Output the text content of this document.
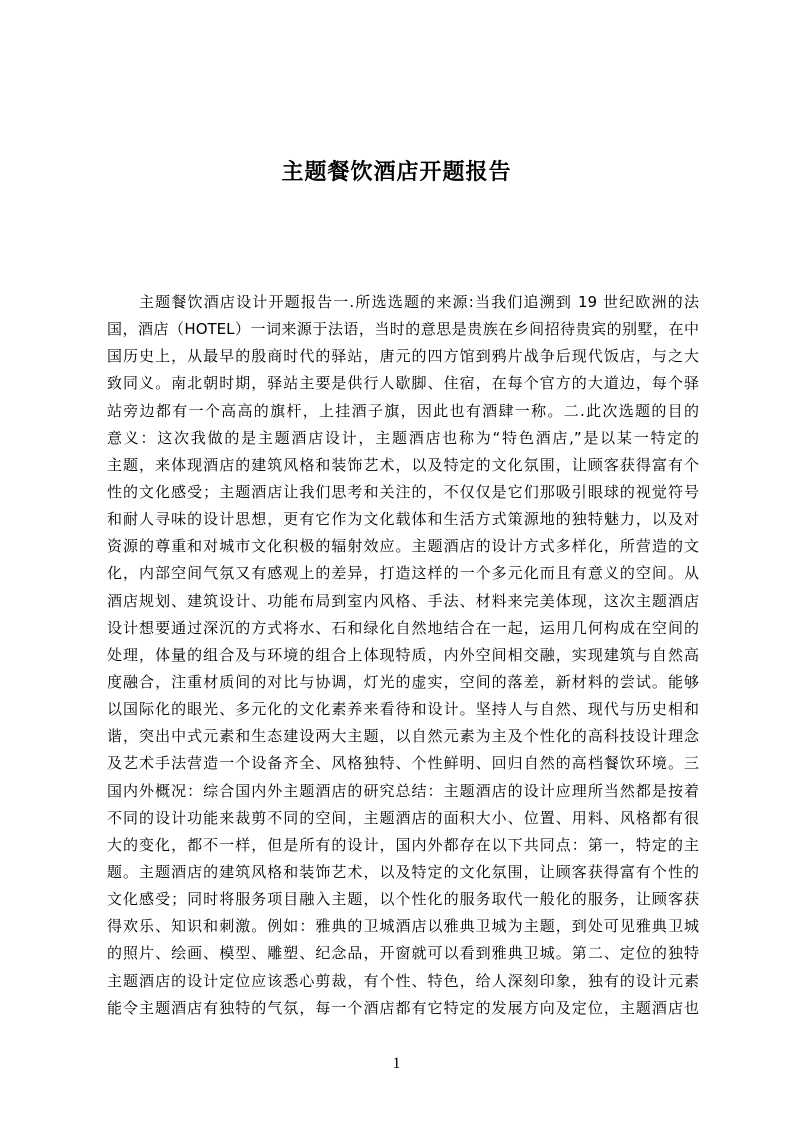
主题餐饮酒店开题报告
主题餐饮酒店设计开题报告一.所选选题的来源:当我们追溯到 19 世纪欧洲的法
国，酒店（HOTEL）一词来源于法语，当时的意思是贵族在乡间招待贵宾的别墅，在中
国历史上，从最早的殷商时代的驿站，唐元的四方馆到鸦片战争后现代饭店，与之大
致同义。南北朝时期，驿站主要是供行人歇脚、住宿，在每个官方的大道边，每个驿
站旁边都有一个高高的旗杆，上挂酒子旗，因此也有酒肆一称。二.此次选题的目的
意义：这次我做的是主题酒店设计，主题酒店也称为“特色酒店,”是以某一特定的
主题，来体现酒店的建筑风格和装饰艺术，以及特定的文化氛围，让顾客获得富有个
性的文化感受；主题酒店让我们思考和关注的，不仅仅是它们那吸引眼球的视觉符号
和耐人寻味的设计思想，更有它作为文化载体和生活方式策源地的独特魅力，以及对
资源的尊重和对城市文化积极的辐射效应。主题酒店的设计方式多样化，所营造的文
化，内部空间气氛又有感观上的差异，打造这样的一个多元化而且有意义的空间。从
酒店规划、建筑设计、功能布局到室内风格、手法、材料来完美体现，这次主题酒店
设计想要通过深沉的方式将水、石和绿化自然地结合在一起，运用几何构成在空间的
处理，体量的组合及与环境的组合上体现特质，内外空间相交融，实现建筑与自然高
度融合，注重材质间的对比与协调，灯光的虚实，空间的落差，新材料的尝试。能够
以国际化的眼光、多元化的文化素养来看待和设计。坚持人与自然、现代与历史相和
谐，突出中式元素和生态建设两大主题，以自然元素为主及个性化的高科技设计理念
及艺术手法营造一个设备齐全、风格独特、个性鲜明、回归自然的高档餐饮环境。三
国内外概况：综合国内外主题酒店的研究总结：主题酒店的设计应理所当然都是按着
不同的设计功能来裁剪不同的空间，主题酒店的面积大小、位置、用料、风格都有很
大的变化，都不一样，但是所有的设计，国内外都存在以下共同点：第一，特定的主
题。主题酒店的建筑风格和装饰艺术，以及特定的文化氛围，让顾客获得富有个性的
文化感受；同时将服务项目融入主题，以个性化的服务取代一般化的服务，让顾客获
得欢乐、知识和刺激。例如：雅典的卫城酒店以雅典卫城为主题，到处可见雅典卫城
的照片、绘画、模型、雕塑、纪念品，开窗就可以看到雅典卫城。第二、定位的独特
主题酒店的设计定位应该悉心剪裁，有个性、特色，给人深刻印象，独有的设计元素
能令主题酒店有独特的气氛，每一个酒店都有它特定的发展方向及定位，主题酒店也
1
